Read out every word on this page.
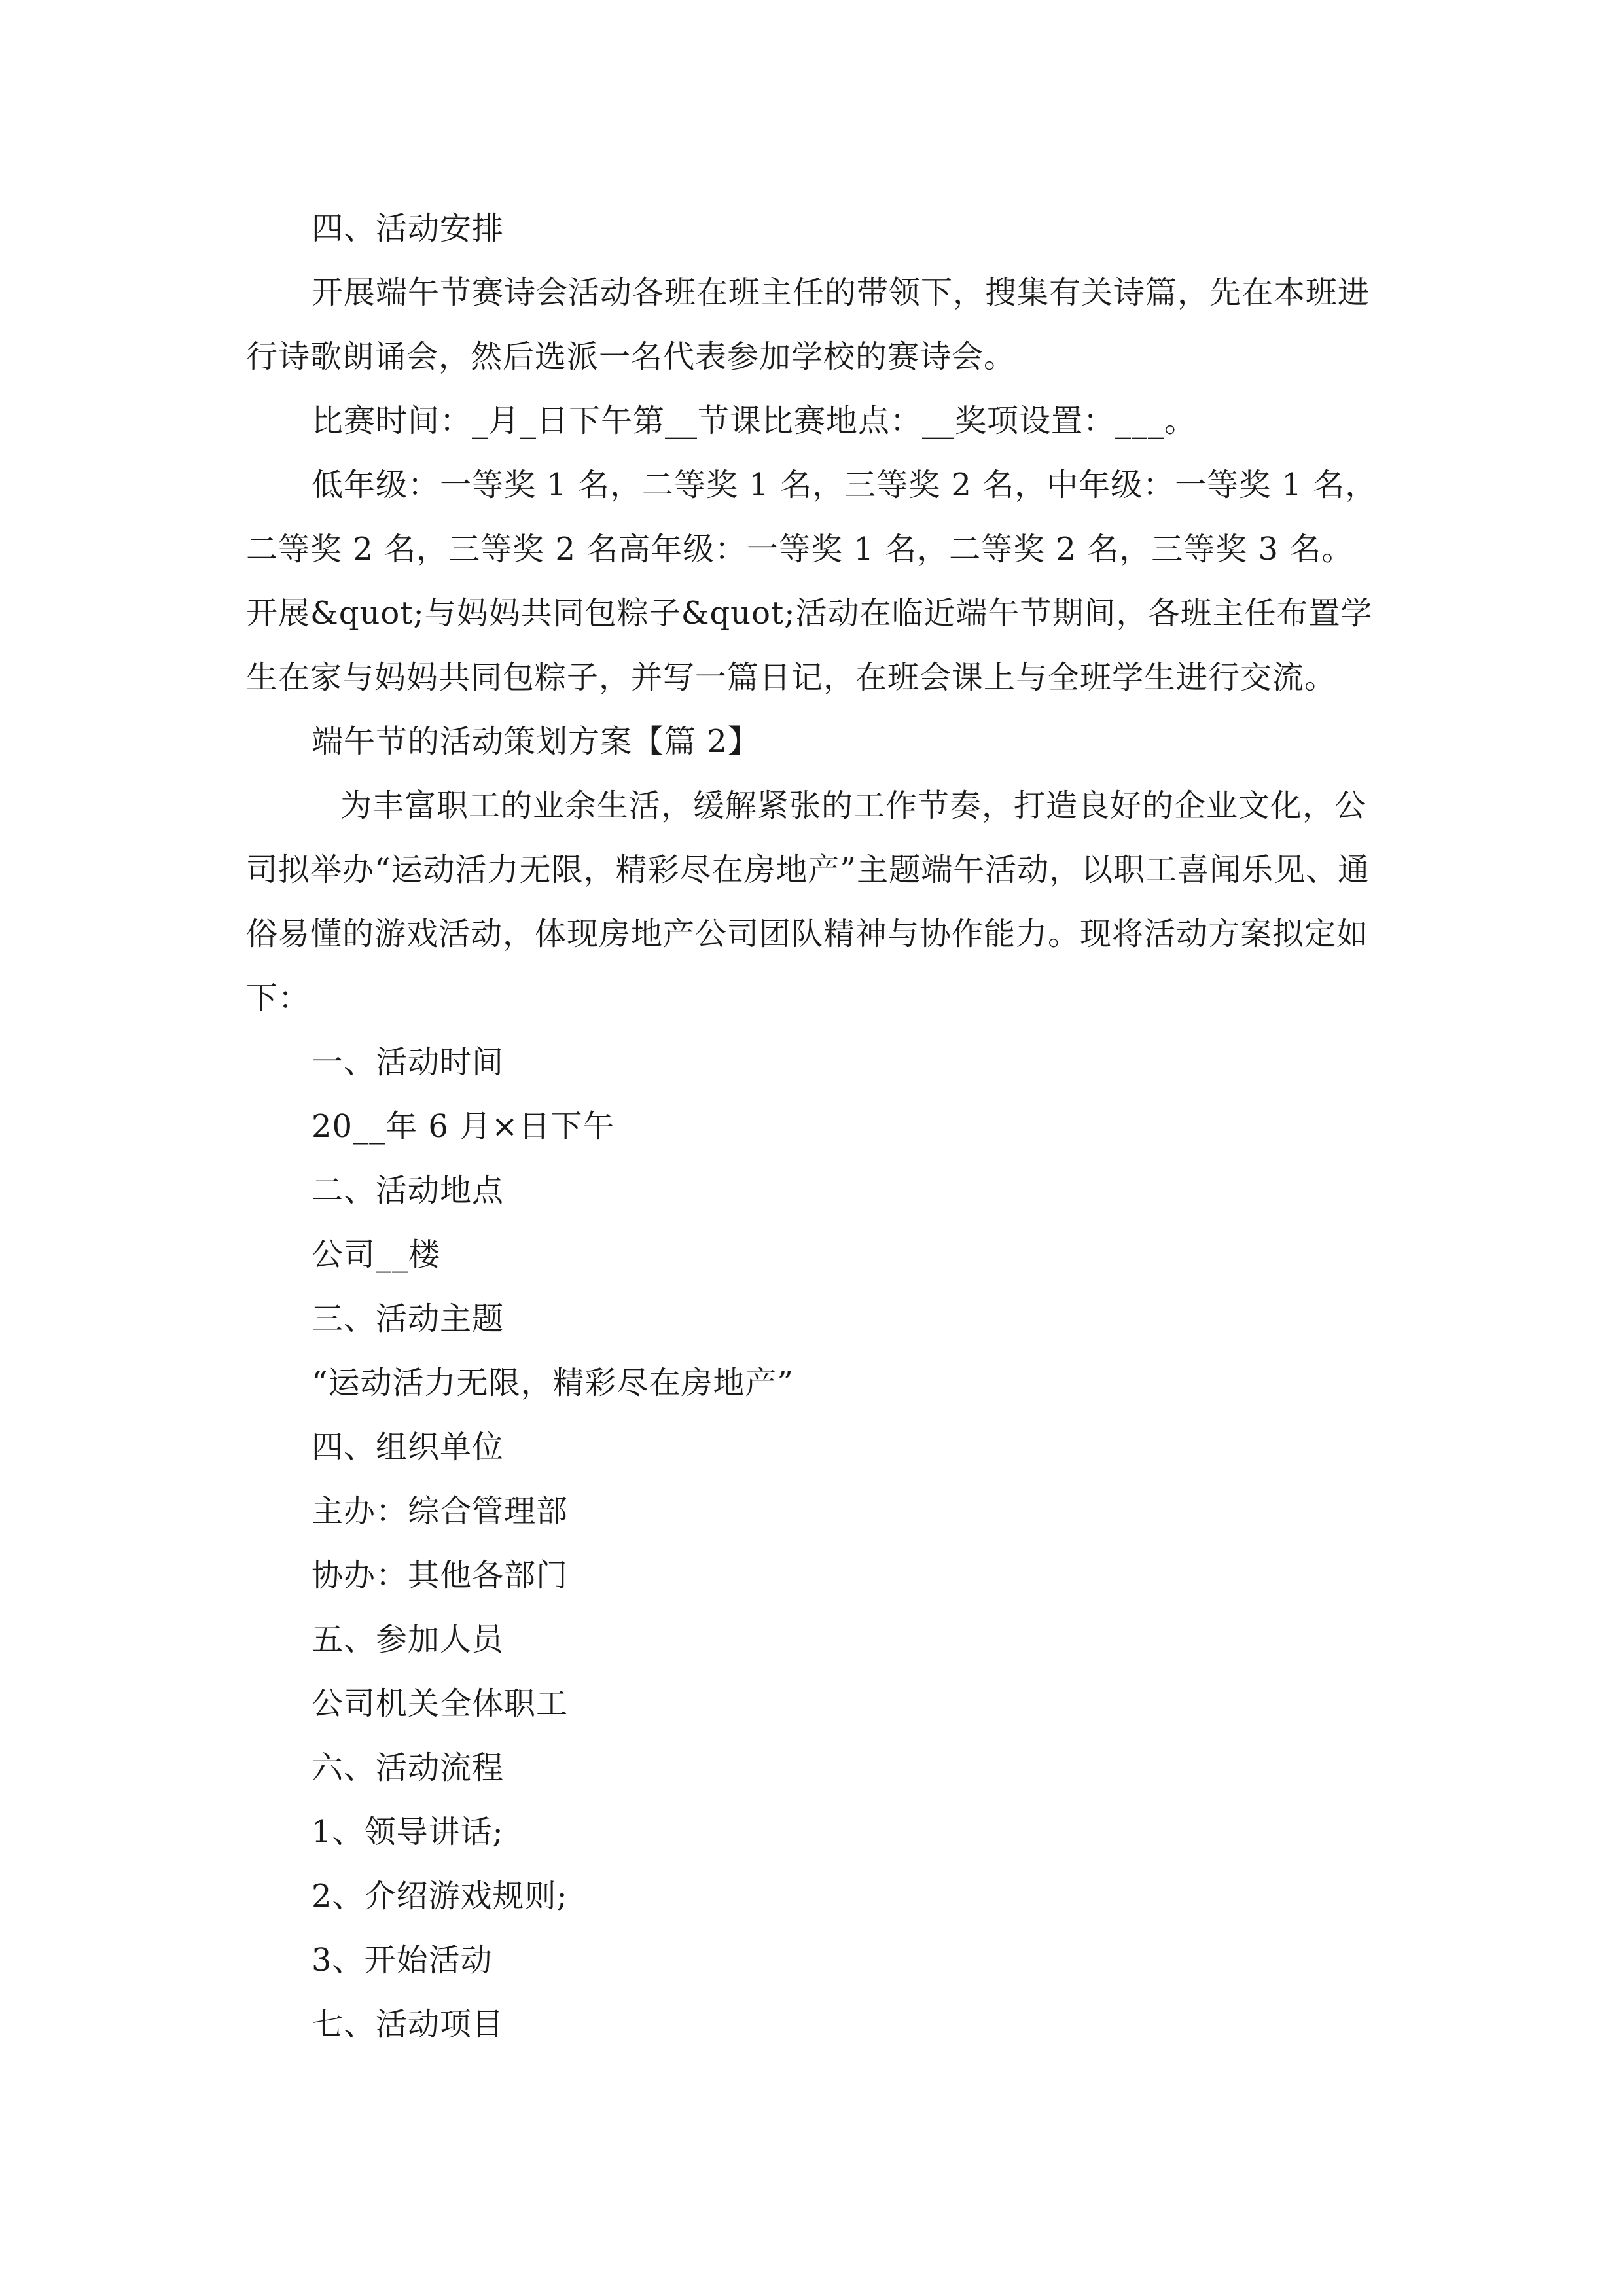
四、活动安排

开展端午节赛诗会活动各班在班主任的带领下，搜集有关诗篇，先在本班进行诗歌朗诵会，然后选派一名代表参加学校的赛诗会。

比赛时间：_月_日下午第__节课比赛地点：__奖项设置：___。

低年级：一等奖 1 名，二等奖 1 名，三等奖 2 名，中年级：一等奖 1 名，二等奖 2 名，三等奖 2 名高年级：一等奖 1 名，二等奖 2 名，三等奖 3 名。开展&quot;与妈妈共同包粽子&quot;活动在临近端午节期间，各班主任布置学生在家与妈妈共同包粽子，并写一篇日记，在班会课上与全班学生进行交流。

端午节的活动策划方案【篇 2】

为丰富职工的业余生活，缓解紧张的工作节奏，打造良好的企业文化，公司拟举办“运动活力无限，精彩尽在房地产”主题端午活动，以职工喜闻乐见、通俗易懂的游戏活动，体现房地产公司团队精神与协作能力。现将活动方案拟定如下：

一、活动时间

20__年 6 月×日下午

二、活动地点

公司__楼

三、活动主题

“运动活力无限，精彩尽在房地产”

四、组织单位

主办：综合管理部

协办：其他各部门

五、参加人员

公司机关全体职工

六、活动流程

1、领导讲话;

2、介绍游戏规则;

3、开始活动

七、活动项目
